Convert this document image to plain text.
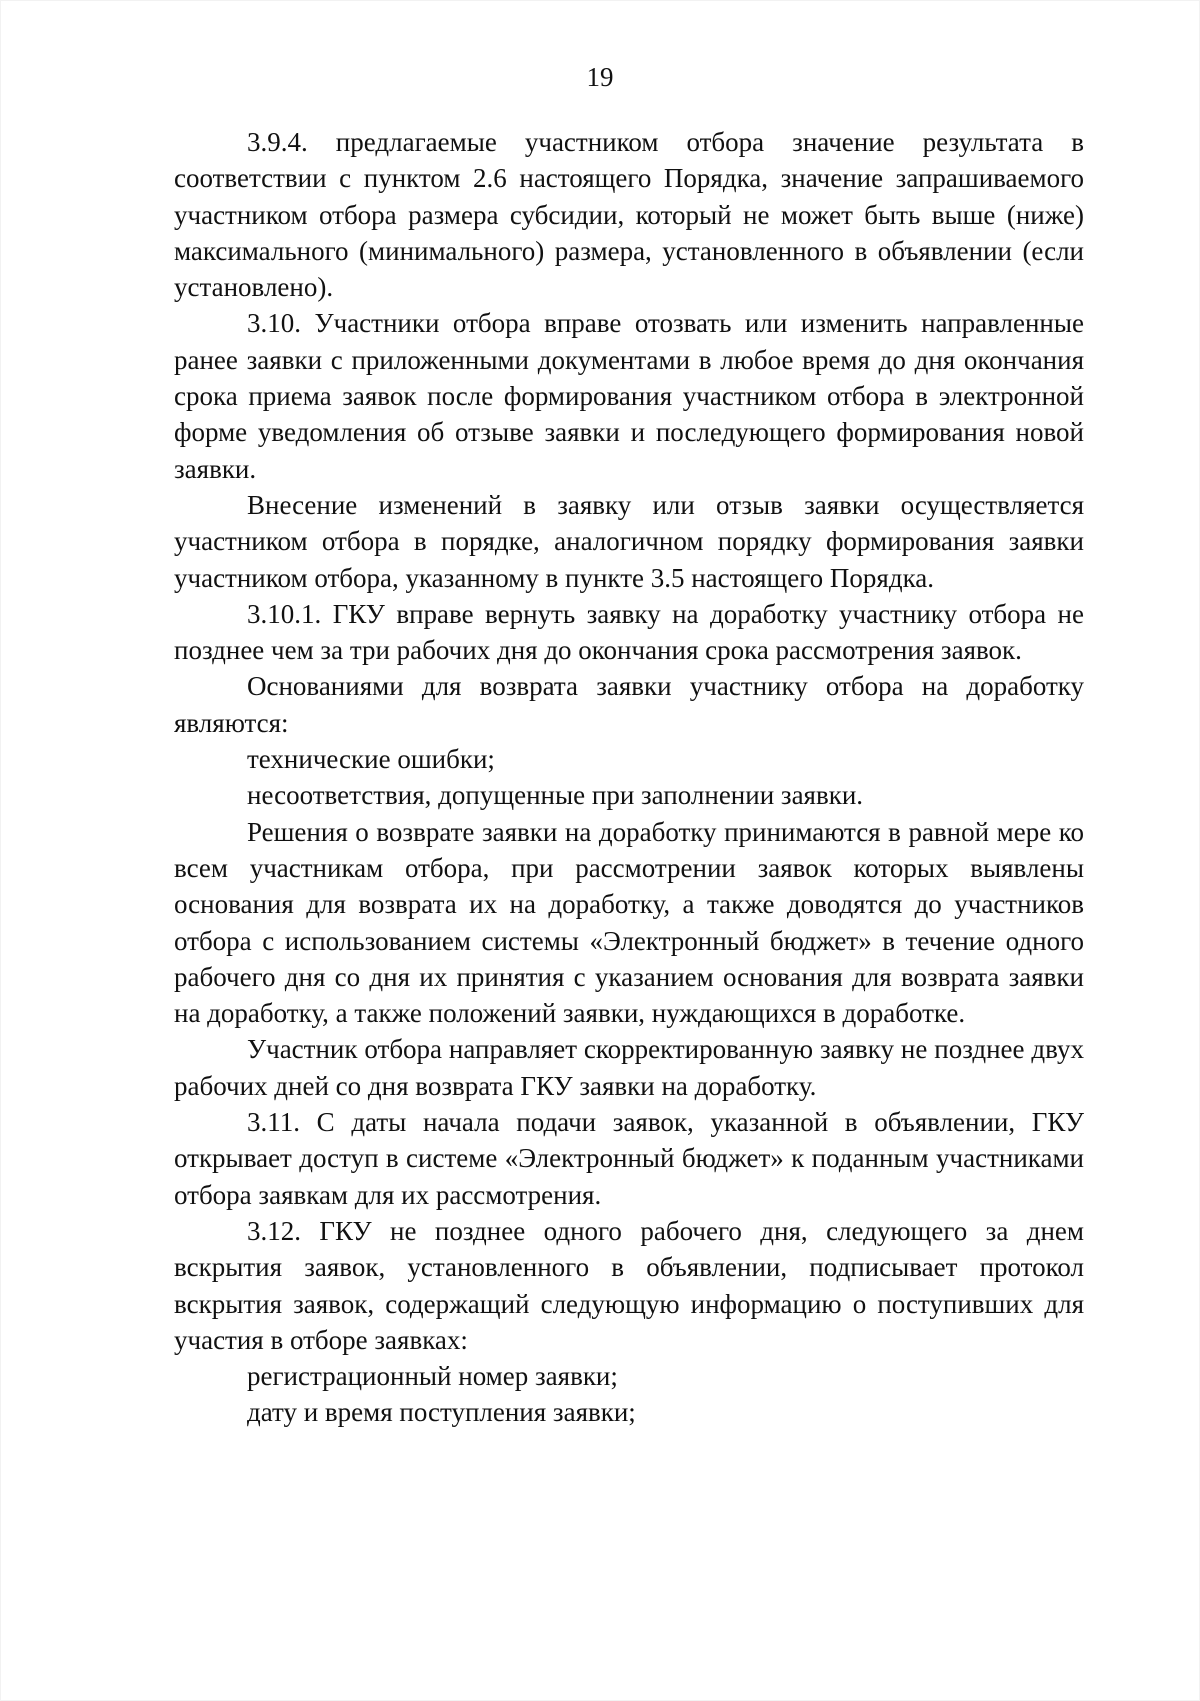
19

3.9.4. предлагаемые участником отбора значение результата в соответствии с пунктом 2.6 настоящего Порядка, значение запрашиваемого участником отбора размера субсидии, который не может быть выше (ниже) максимального (минимального) размера, установленного в объявлении (если установлено).

3.10. Участники отбора вправе отозвать или изменить направленные ранее заявки с приложенными документами в любое время до дня окончания срока приема заявок после формирования участником отбора в электронной форме уведомления об отзыве заявки и последующего формирования новой заявки.

Внесение изменений в заявку или отзыв заявки осуществляется участником отбора в порядке, аналогичном порядку формирования заявки участником отбора, указанному в пункте 3.5 настоящего Порядка.

3.10.1. ГКУ вправе вернуть заявку на доработку участнику отбора не позднее чем за три рабочих дня до окончания срока рассмотрения заявок.

Основаниями для возврата заявки участнику отбора на доработку являются:

технические ошибки;

несоответствия, допущенные при заполнении заявки.

Решения о возврате заявки на доработку принимаются в равной мере ко всем участникам отбора, при рассмотрении заявок которых выявлены основания для возврата их на доработку, а также доводятся до участников отбора с использованием системы «Электронный бюджет» в течение одного рабочего дня со дня их принятия с указанием основания для возврата заявки на доработку, а также положений заявки, нуждающихся в доработке.

Участник отбора направляет скорректированную заявку не позднее двух рабочих дней со дня возврата ГКУ заявки на доработку.

3.11. С даты начала подачи заявок, указанной в объявлении, ГКУ открывает доступ в системе «Электронный бюджет» к поданным участниками отбора заявкам для их рассмотрения.

3.12. ГКУ не позднее одного рабочего дня, следующего за днем вскрытия заявок, установленного в объявлении, подписывает протокол вскрытия заявок, содержащий следующую информацию о поступивших для участия в отборе заявках:

регистрационный номер заявки;

дату и время поступления заявки;
